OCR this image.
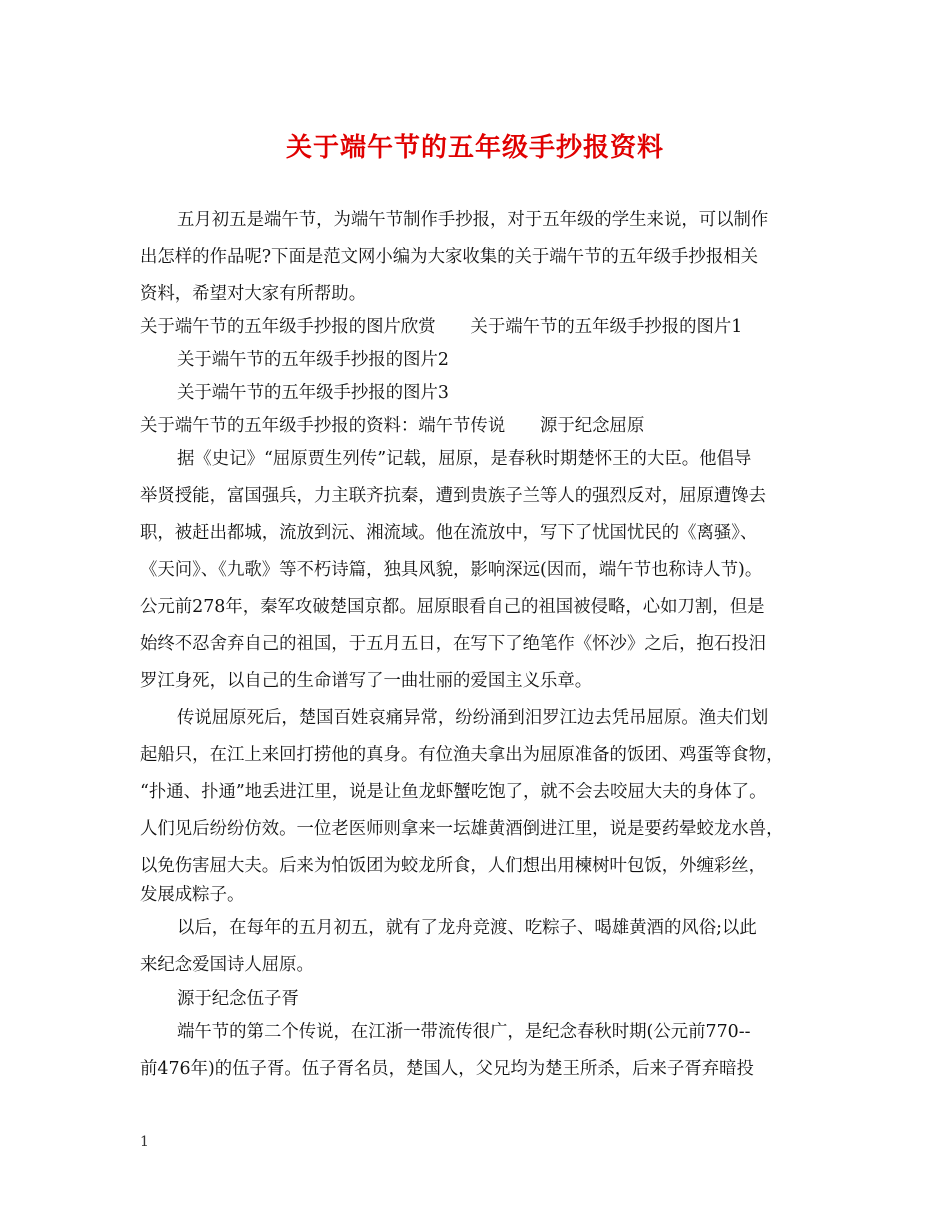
关于端午节的五年级手抄报资料
五月初五是端午节，为端午节制作手抄报，对于五年级的学生来说，可以制作
出怎样的作品呢?下面是范文网小编为大家收集的关于端午节的五年级手抄报相关
资料，希望对大家有所帮助。
关于端午节的五年级手抄报的图片欣赏　　关于端午节的五年级手抄报的图片1
关于端午节的五年级手抄报的图片2
关于端午节的五年级手抄报的图片3
关于端午节的五年级手抄报的资料：端午节传说　　源于纪念屈原
据《史记》“屈原贾生列传”记载，屈原，是春秋时期楚怀王的大臣。他倡导
举贤授能，富国强兵，力主联齐抗秦，遭到贵族子兰等人的强烈反对，屈原遭馋去
职，被赶出都城，流放到沅、湘流域。他在流放中，写下了忧国忧民的《离骚》、
《天问》、《九歌》等不朽诗篇，独具风貌，影响深远(因而，端午节也称诗人节)。
公元前278年，秦军攻破楚国京都。屈原眼看自己的祖国被侵略，心如刀割，但是
始终不忍舍弃自己的祖国，于五月五日，在写下了绝笔作《怀沙》之后，抱石投汨
罗江身死，以自己的生命谱写了一曲壮丽的爱国主义乐章。
传说屈原死后，楚国百姓哀痛异常，纷纷涌到汨罗江边去凭吊屈原。渔夫们划
起船只，在江上来回打捞他的真身。有位渔夫拿出为屈原准备的饭团、鸡蛋等食物，
“扑通、扑通”地丢进江里，说是让鱼龙虾蟹吃饱了，就不会去咬屈大夫的身体了。
人们见后纷纷仿效。一位老医师则拿来一坛雄黄酒倒进江里，说是要药晕蛟龙水兽，
以免伤害屈大夫。后来为怕饭团为蛟龙所食，人们想出用楝树叶包饭，外缠彩丝，
发展成粽子。
以后，在每年的五月初五，就有了龙舟竞渡、吃粽子、喝雄黄酒的风俗;以此
来纪念爱国诗人屈原。
源于纪念伍子胥
端午节的第二个传说，在江浙一带流传很广，是纪念春秋时期(公元前770--
前476年)的伍子胥。伍子胥名员，楚国人，父兄均为楚王所杀，后来子胥弃暗投
1
